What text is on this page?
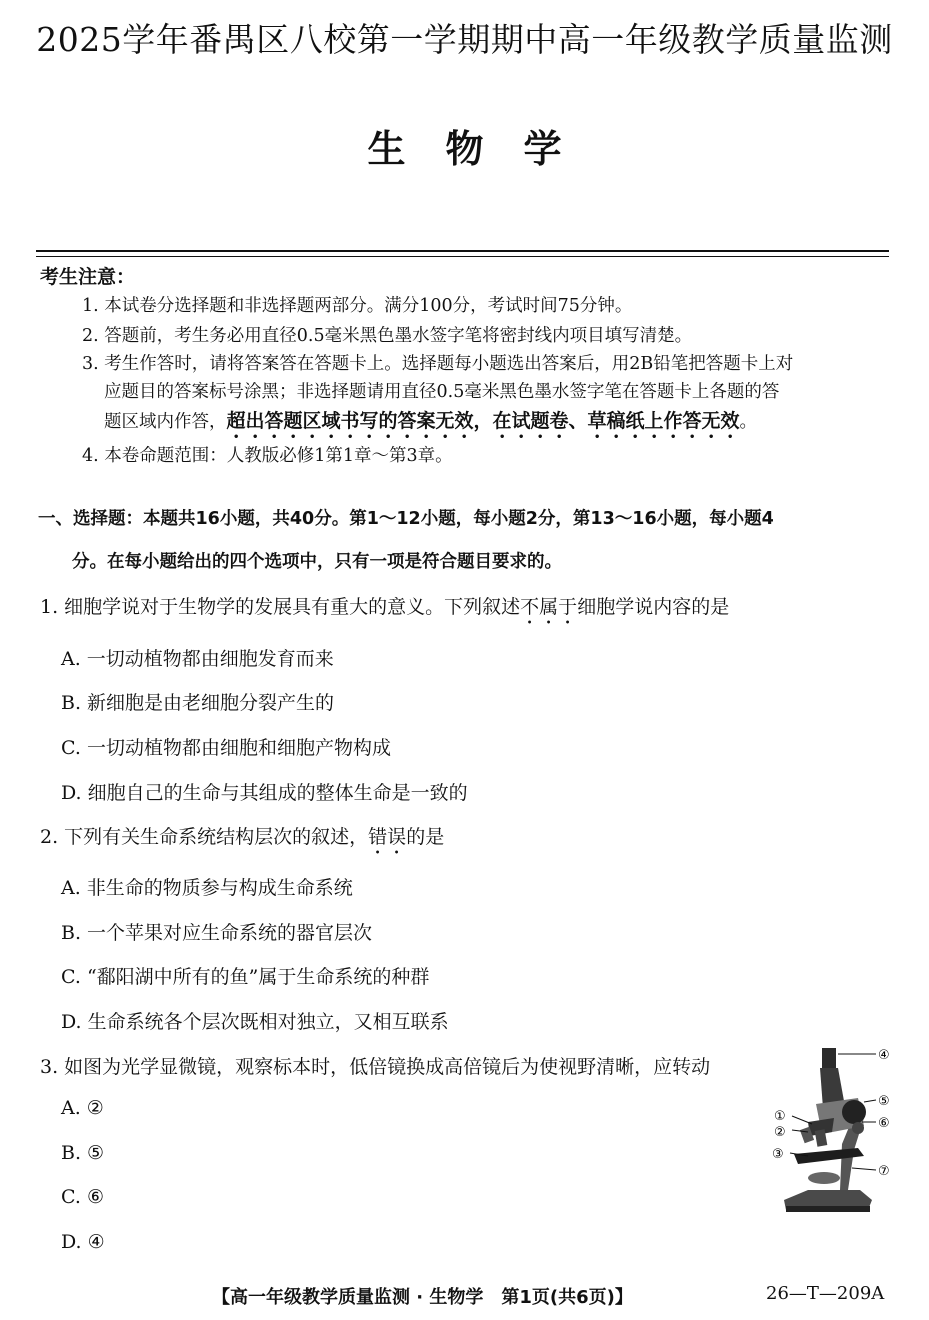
2025学年番禺区八校第一学期期中高一年级教学质量监测
生物学
考生注意：
1. 本试卷分选择题和非选择题两部分。满分100分，考试时间75分钟。
2. 答题前，考生务必用直径0.5毫米黑色墨水签字笔将密封线内项目填写清楚。
3. 考生作答时，请将答案答在答题卡上。选择题每小题选出答案后，用2B铅笔把答题卡上对
应题目的答案标号涂黑；非选择题请用直径0.5毫米黑色墨水签字笔在答题卡上各题的答
题区域内作答，超出答题区域书写的答案无效，在试题卷、草稿纸上作答无效。
4. 本卷命题范围：人教版必修1第1章～第3章。
一、选择题：本题共16小题，共40分。第1～12小题，每小题2分，第13～16小题，每小题4
分。在每小题给出的四个选项中，只有一项是符合题目要求的。
1. 细胞学说对于生物学的发展具有重大的意义。下列叙述不属于细胞学说内容的是
A. 一切动植物都由细胞发育而来
B. 新细胞是由老细胞分裂产生的
C. 一切动植物都由细胞和细胞产物构成
D. 细胞自己的生命与其组成的整体生命是一致的
2. 下列有关生命系统结构层次的叙述，错误的是
A. 非生命的物质参与构成生命系统
B. 一个苹果对应生命系统的器官层次
C. “鄱阳湖中所有的鱼”属于生命系统的种群
D. 生命系统各个层次既相对独立，又相互联系
3. 如图为光学显微镜，观察标本时，低倍镜换成高倍镜后为使视野清晰，应转动
A. ②
B. ⑤
C. ⑥
D. ④
④
⑤
⑥
①
②
③
⑦
【高一年级教学质量监测 · 生物学　第1页(共6页)】	26—T—209A
